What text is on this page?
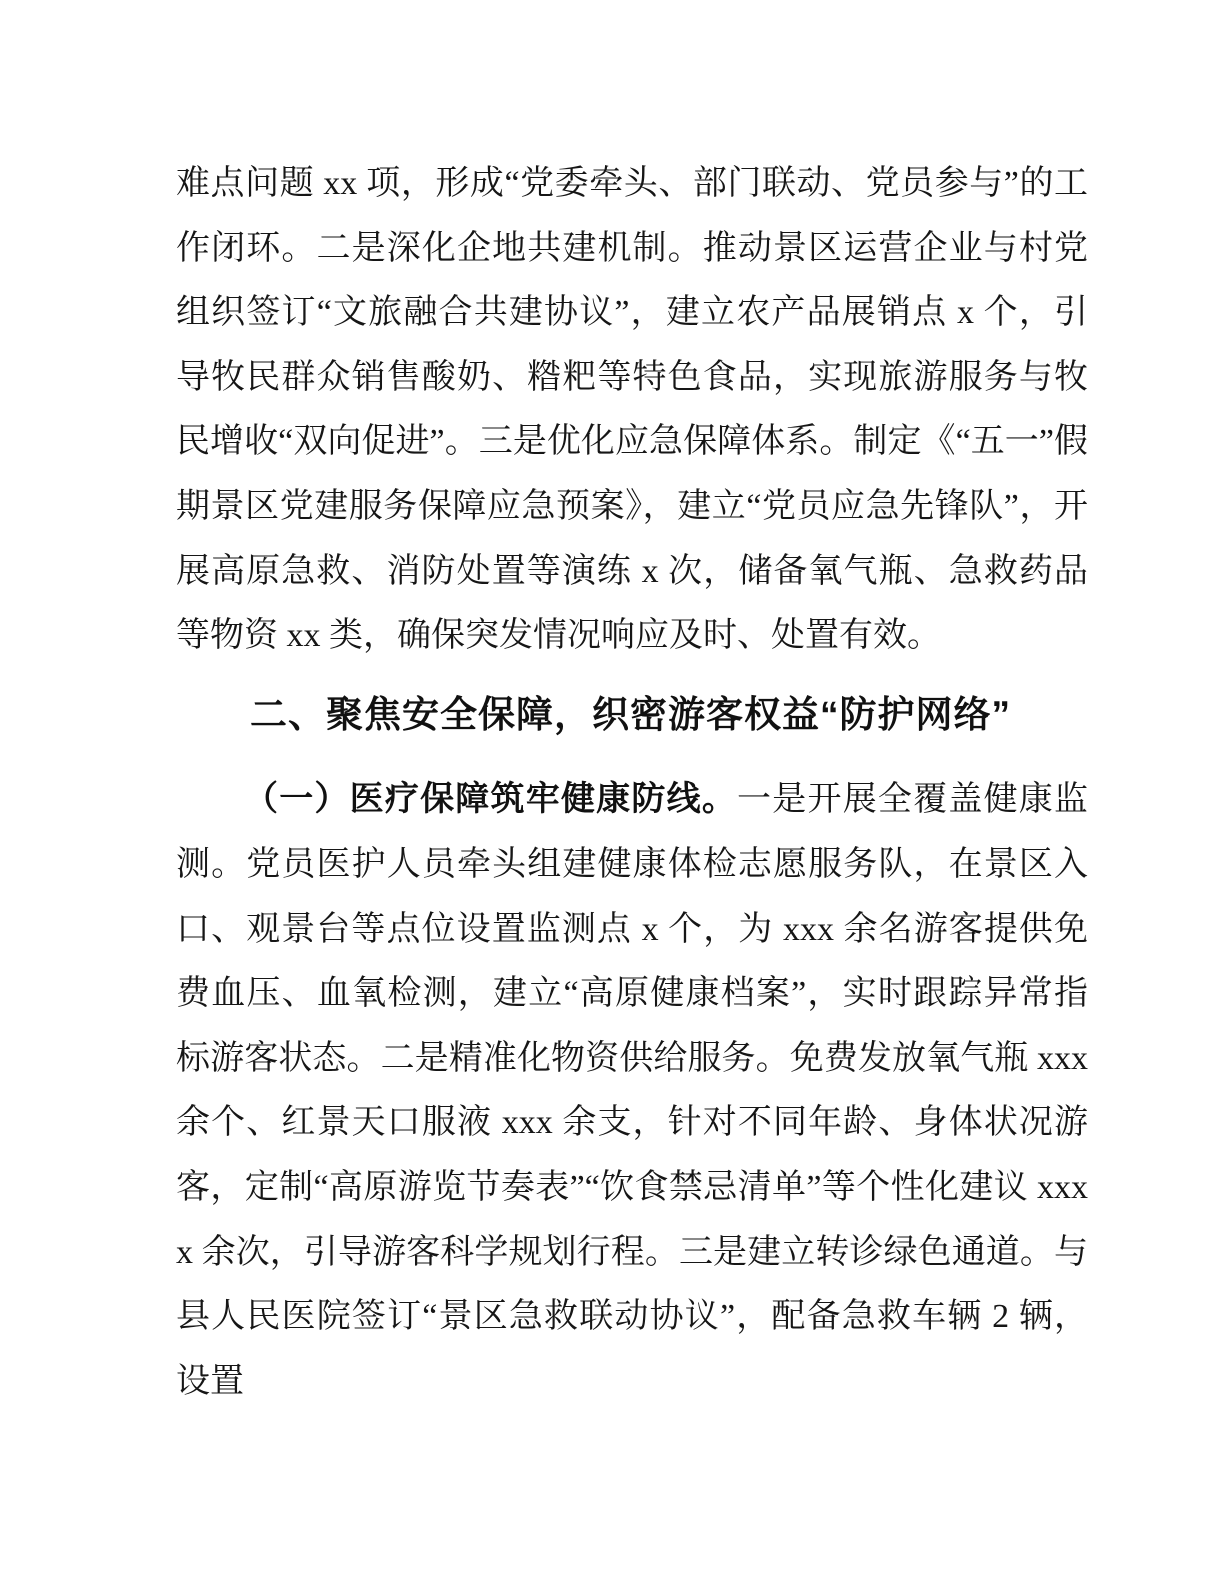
难点问题 xx 项，形成“党委牵头、部门联动、党员参与”的工作闭环。二是深化企地共建机制。推动景区运营企业与村党组织签订“文旅融合共建协议”，建立农产品展销点 x 个，引导牧民群众销售酸奶、糌粑等特色食品，实现旅游服务与牧民增收“双向促进”。三是优化应急保障体系。制定《“五一”假期景区党建服务保障应急预案》，建立“党员应急先锋队”，开展高原急救、消防处置等演练 x 次，储备氧气瓶、急救药品等物资 xx 类，确保突发情况响应及时、处置有效。

二、聚焦安全保障，织密游客权益“防护网络”

（一）医疗保障筑牢健康防线。一是开展全覆盖健康监测。党员医护人员牵头组建健康体检志愿服务队，在景区入口、观景台等点位设置监测点 x 个，为 xxx 余名游客提供免费血压、血氧检测，建立“高原健康档案”，实时跟踪异常指标游客状态。二是精准化物资供给服务。免费发放氧气瓶 xxx 余个、红景天口服液 xxx 余支，针对不同年龄、身体状况游客，定制“高原游览节奏表”“饮食禁忌清单”等个性化建议 xxxx 余次，引导游客科学规划行程。三是建立转诊绿色通道。与县人民医院签订“景区急救联动协议”，配备急救车辆 2 辆，设置
